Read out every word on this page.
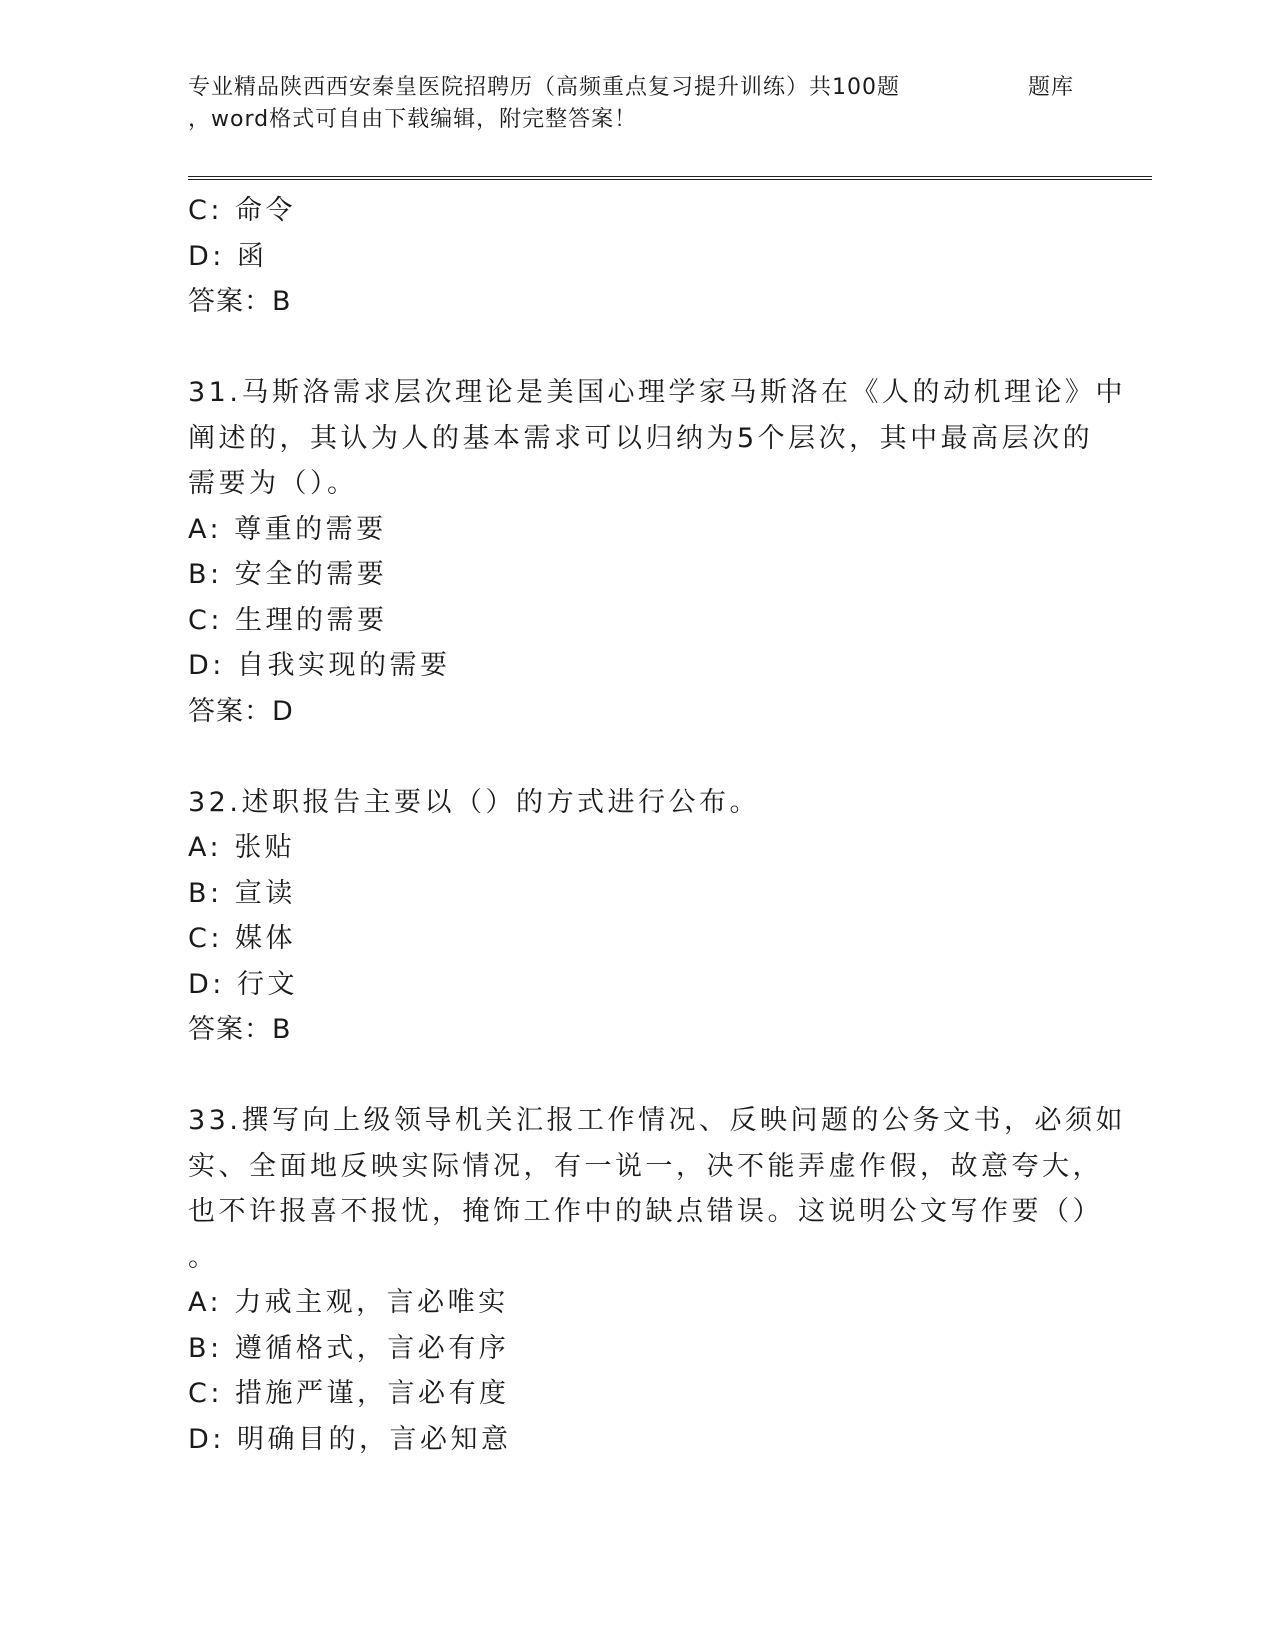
专业精品陕西西安秦皇医院招聘历（高频重点复习提升训练）共100题
，word格式可自由下载编辑，附完整答案！
题库
C: 命令
D: 函
答案：B
31.马斯洛需求层次理论是美国心理学家马斯洛在《人的动机理论》中
阐述的，其认为人的基本需求可以归纳为5个层次，其中最高层次的
需要为（）。
A: 尊重的需要
B: 安全的需要
C: 生理的需要
D: 自我实现的需要
答案：D
32.述职报告主要以（）的方式进行公布。
A: 张贴
B: 宣读
C: 媒体
D: 行文
答案：B
33.撰写向上级领导机关汇报工作情况、反映问题的公务文书，必须如
实、全面地反映实际情况，有一说一，决不能弄虚作假，故意夸大，
也不许报喜不报忧，掩饰工作中的缺点错误。这说明公文写作要（）
。
A: 力戒主观，言必唯实
B: 遵循格式，言必有序
C: 措施严谨，言必有度
D: 明确目的，言必知意
